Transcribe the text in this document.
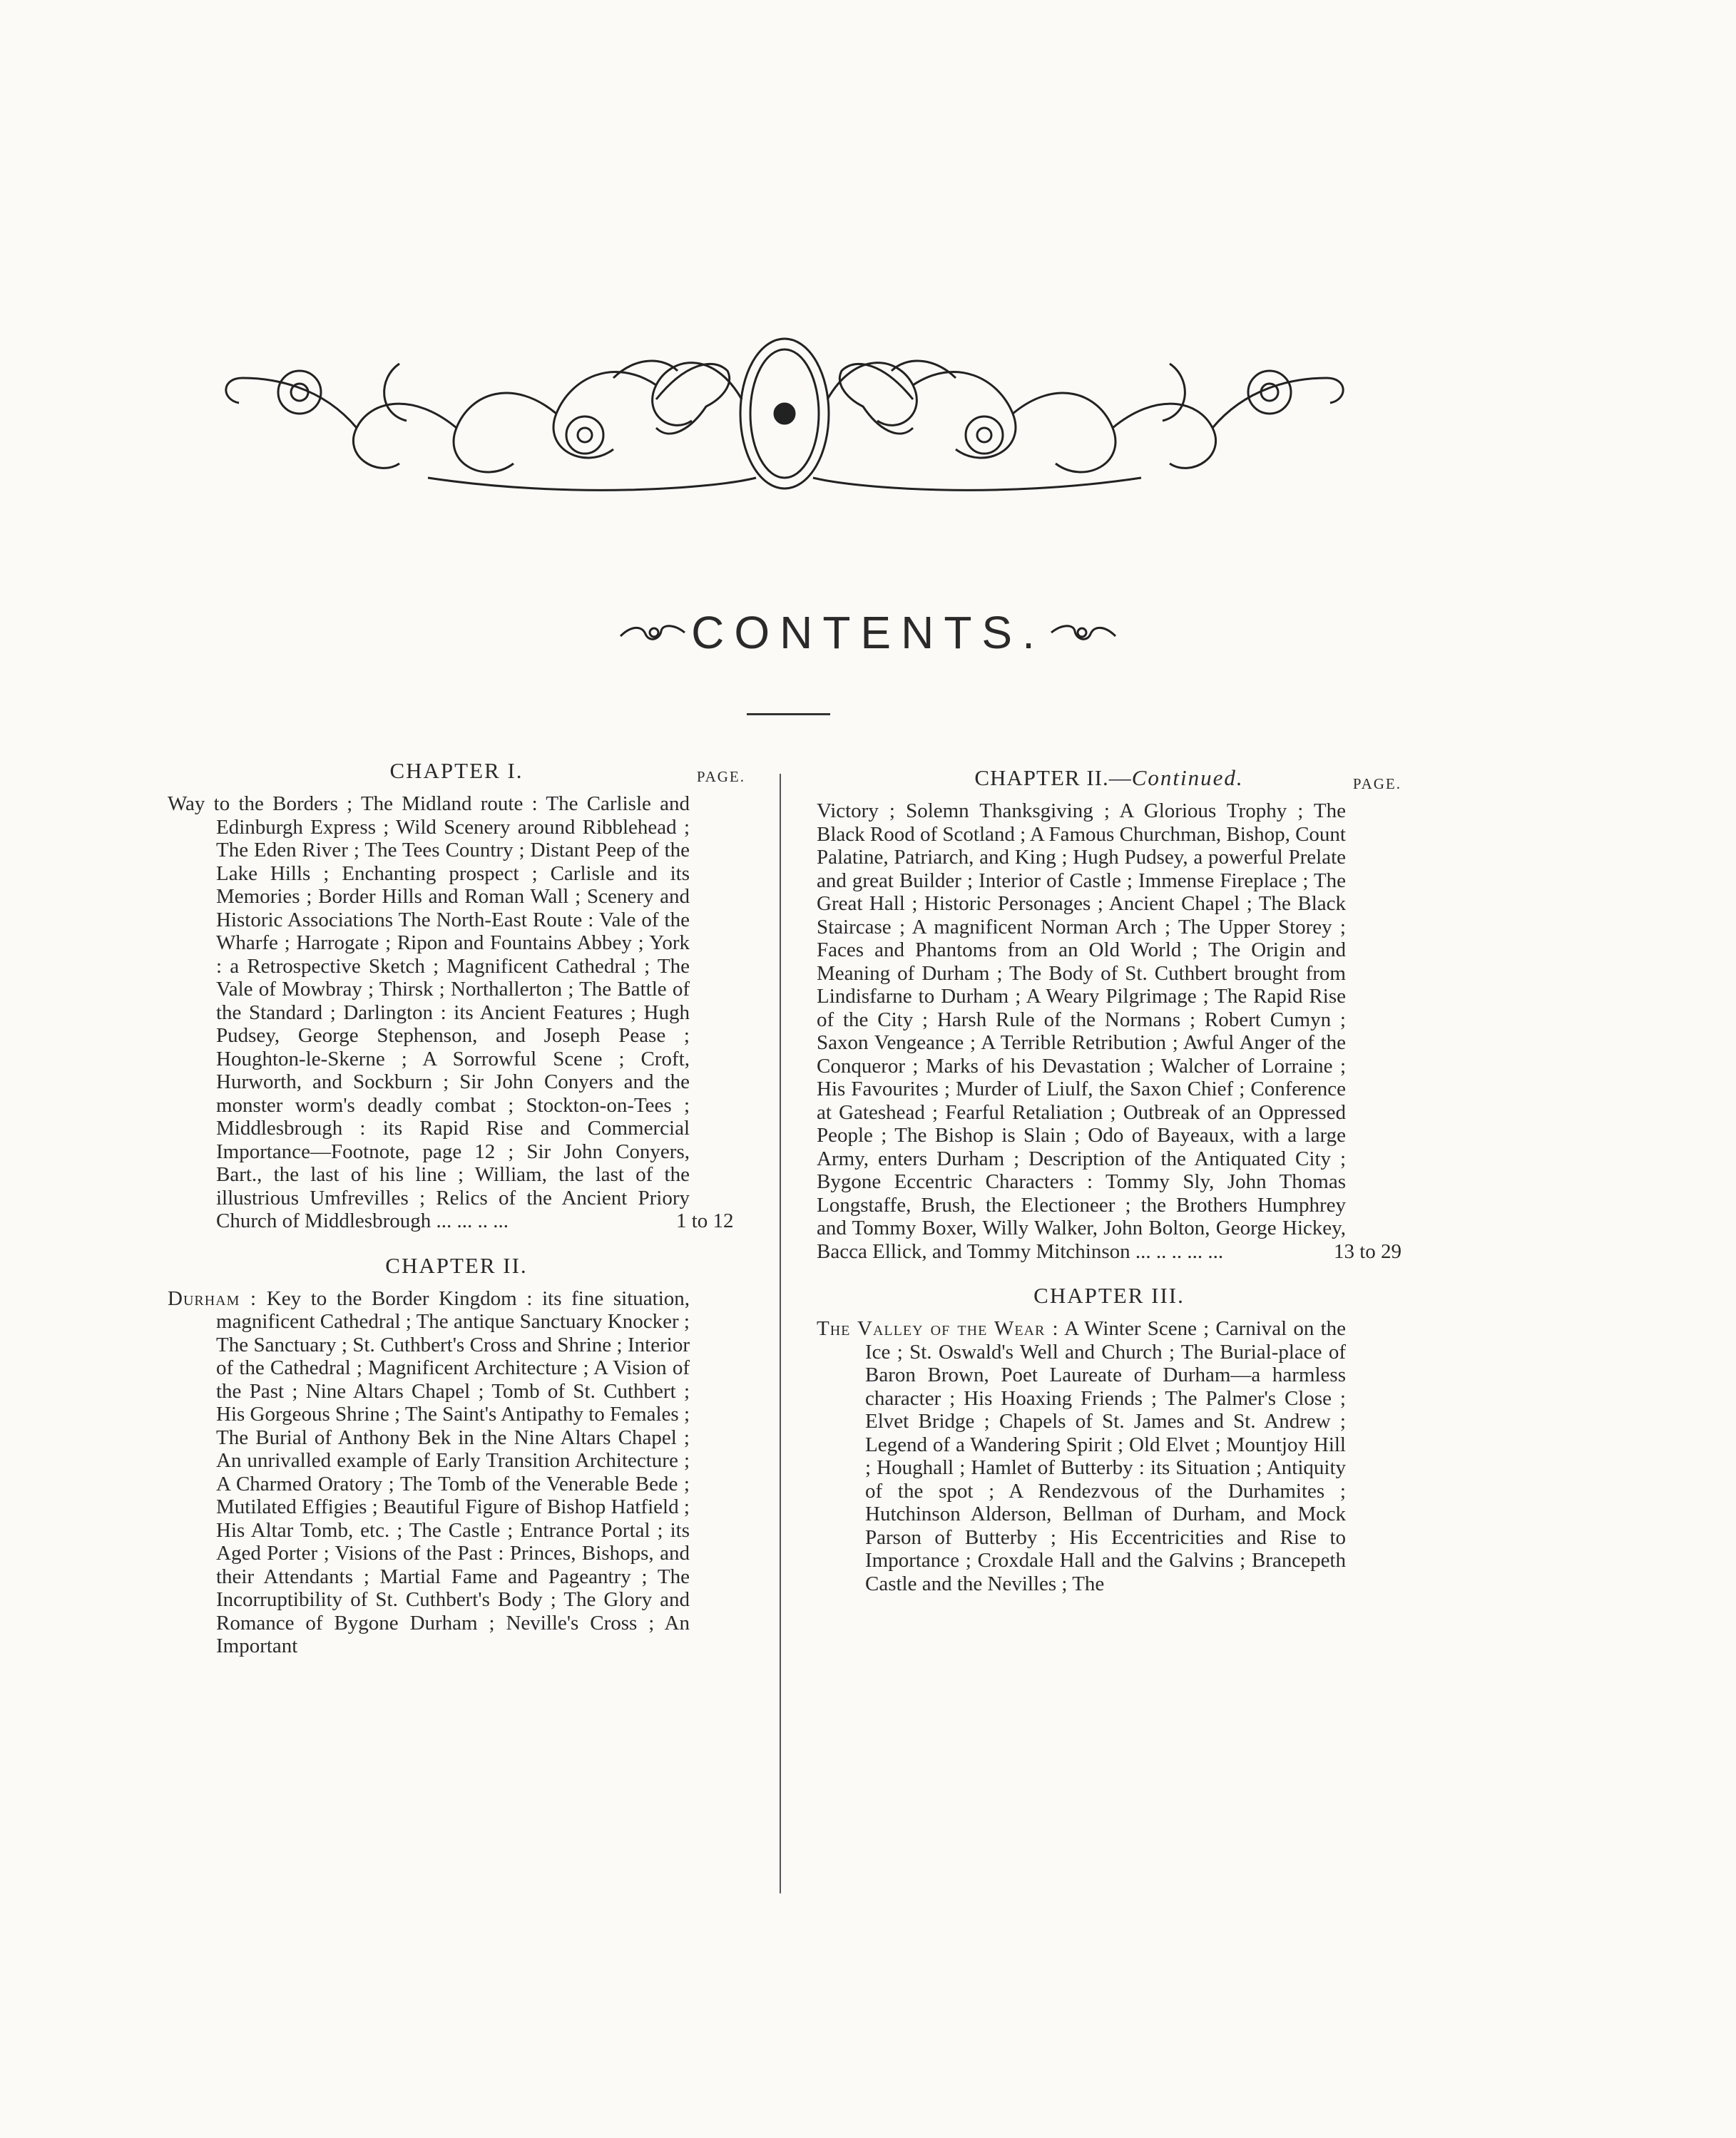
CONTENTS.
CHAPTER I.	PAGE.
Way to the Borders ; The Midland route : The Carlisle and Edinburgh Express ; Wild Scenery around Ribblehead ; The Eden River ; The Tees Country ; Distant Peep of the Lake Hills ; Enchanting prospect ; Carlisle and its Memories ; Border Hills and Roman Wall ; Scenery and Historic Associations The North-East Route : Vale of the Wharfe ; Harrogate ; Ripon and Fountains Abbey ; York : a Retrospective Sketch ; Magnificent Cathedral ; The Vale of Mowbray ; Thirsk ; Northallerton ; The Battle of the Standard ; Darlington : its Ancient Features ; Hugh Pudsey, George Stephenson, and Joseph Pease ; Houghton-le-Skerne ; A Sorrowful Scene ; Croft, Hurworth, and Sockburn ; Sir John Conyers and the monster worm's deadly combat ; Stockton-on-Tees ; Middlesbrough : its Rapid Rise and Commercial Importance—Footnote, page 12 ; Sir John Conyers, Bart., the last of his line ; William, the last of the illustrious Umfrevilles ; Relics of the Ancient Priory Church of Middlesbrough ... ... .. ...	1 to 12
CHAPTER II.
Durham : Key to the Border Kingdom : its fine situation, magnificent Cathedral ; The antique Sanctuary Knocker ; The Sanctuary ; St. Cuthbert's Cross and Shrine ; Interior of the Cathedral ; Magnificent Architecture ; A Vision of the Past ; Nine Altars Chapel ; Tomb of St. Cuthbert ; His Gorgeous Shrine ; The Saint's Antipathy to Females ; The Burial of Anthony Bek in the Nine Altars Chapel ; An unrivalled example of Early Transition Architecture ; A Charmed Oratory ; The Tomb of the Venerable Bede ; Mutilated Effigies ; Beautiful Figure of Bishop Hatfield ; His Altar Tomb, etc. ; The Castle ; Entrance Portal ; its Aged Porter ; Visions of the Past : Princes, Bishops, and their Attendants ; Martial Fame and Pageantry ; The Incorruptibility of St. Cuthbert's Body ; The Glory and Romance of Bygone Durham ; Neville's Cross ; An Important
CHAPTER II.—Continued.	PAGE.
Victory ; Solemn Thanksgiving ; A Glorious Trophy ; The Black Rood of Scotland ; A Famous Churchman, Bishop, Count Palatine, Patriarch, and King ; Hugh Pudsey, a powerful Prelate and great Builder ; Interior of Castle ; Immense Fireplace ; The Great Hall ; Historic Personages ; Ancient Chapel ; The Black Staircase ; A magnificent Norman Arch ; The Upper Storey ; Faces and Phantoms from an Old World ; The Origin and Meaning of Durham ; The Body of St. Cuthbert brought from Lindisfarne to Durham ; A Weary Pilgrimage ; The Rapid Rise of the City ; Harsh Rule of the Normans ; Robert Cumyn ; Saxon Vengeance ; A Terrible Retribution ; Awful Anger of the Conqueror ; Marks of his Devastation ; Walcher of Lorraine ; His Favourites ; Murder of Liulf, the Saxon Chief ; Conference at Gateshead ; Fearful Retaliation ; Outbreak of an Oppressed People ; The Bishop is Slain ; Odo of Bayeaux, with a large Army, enters Durham ; Description of the Antiquated City ; Bygone Eccentric Characters : Tommy Sly, John Thomas Longstaffe, Brush, the Electioneer ; the Brothers Humphrey and Tommy Boxer, Willy Walker, John Bolton, George Hickey, Bacca Ellick, and Tommy Mitchinson ... .. .. ... ...	13 to 29
CHAPTER III.
The Valley of the Wear : A Winter Scene ; Carnival on the Ice ; St. Oswald's Well and Church ; The Burial-place of Baron Brown, Poet Laureate of Durham—a harmless character ; His Hoaxing Friends ; The Palmer's Close ; Elvet Bridge ; Chapels of St. James and St. Andrew ; Legend of a Wandering Spirit ; Old Elvet ; Mountjoy Hill ; Houghall ; Hamlet of Butterby : its Situation ; Antiquity of the spot ; A Rendezvous of the Durhamites ; Hutchinson Alderson, Bellman of Durham, and Mock Parson of Butterby ; His Eccentricities and Rise to Importance ; Croxdale Hall and the Galvins ; Brancepeth Castle and the Nevilles ; The
